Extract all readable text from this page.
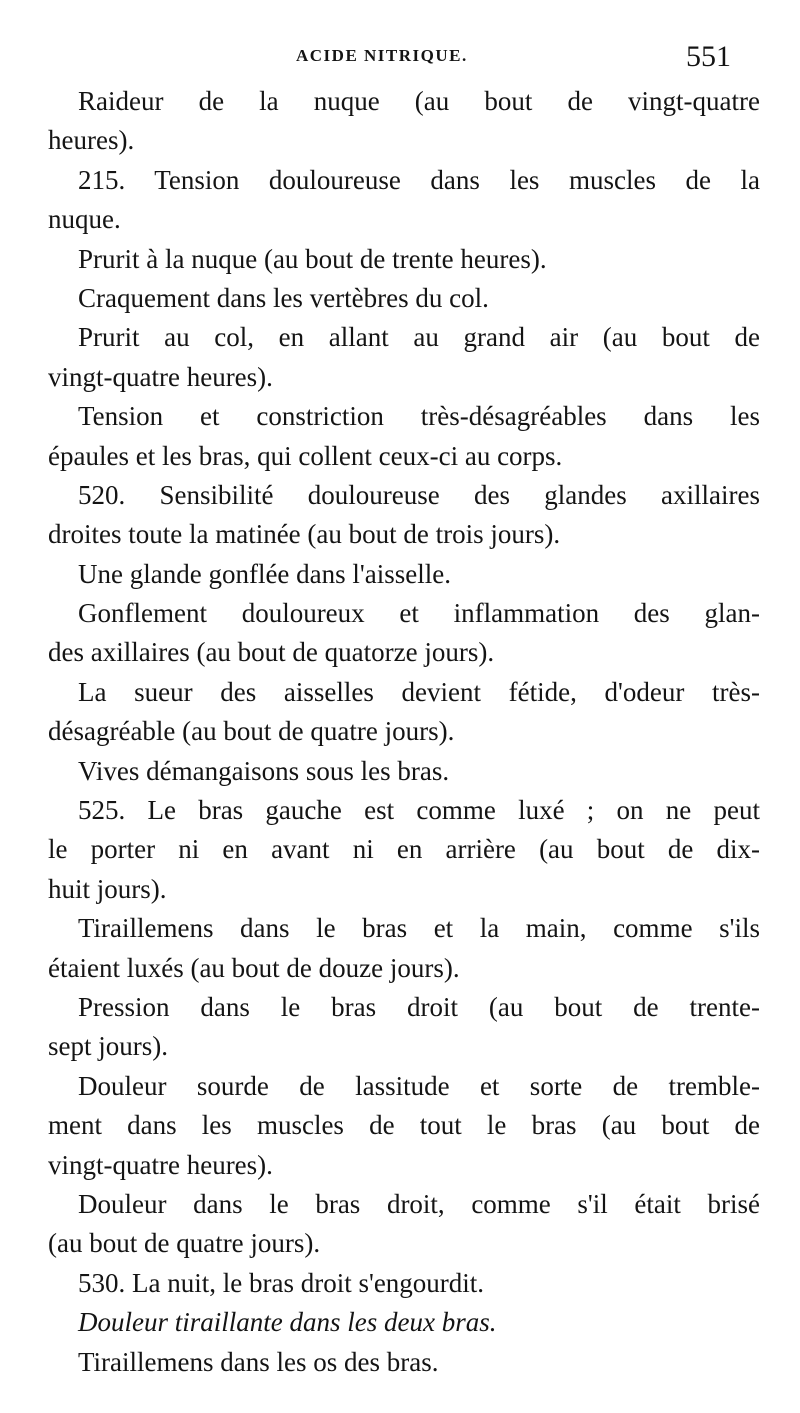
ACIDE NITRIQUE.	551
Raideur de la nuque (au bout de vingt-quatre
heures).
215. Tension douloureuse dans les muscles de la
nuque.
Prurit à la nuque (au bout de trente heures).
Craquement dans les vertèbres du col.
Prurit au col, en allant au grand air (au bout de
vingt-quatre heures).
Tension et constriction très-désagréables dans les
épaules et les bras, qui collent ceux-ci au corps.
520. Sensibilité douloureuse des glandes axillaires
droites toute la matinée (au bout de trois jours).
Une glande gonflée dans l'aisselle.
Gonflement douloureux et inflammation des glan-
des axillaires (au bout de quatorze jours).
La sueur des aisselles devient fétide, d'odeur très-
désagréable (au bout de quatre jours).
Vives démangaisons sous les bras.
525. Le bras gauche est comme luxé ; on ne peut
le porter ni en avant ni en arrière (au bout de dix-
huit jours).
Tiraillemens dans le bras et la main, comme s'ils
étaient luxés (au bout de douze jours).
Pression dans le bras droit (au bout de trente-
sept jours).
Douleur sourde de lassitude et sorte de tremble-
ment dans les muscles de tout le bras (au bout de
vingt-quatre heures).
Douleur dans le bras droit, comme s'il était brisé
(au bout de quatre jours).
530. La nuit, le bras droit s'engourdit.
Douleur tiraillante dans les deux bras.
Tiraillemens dans les os des bras.
